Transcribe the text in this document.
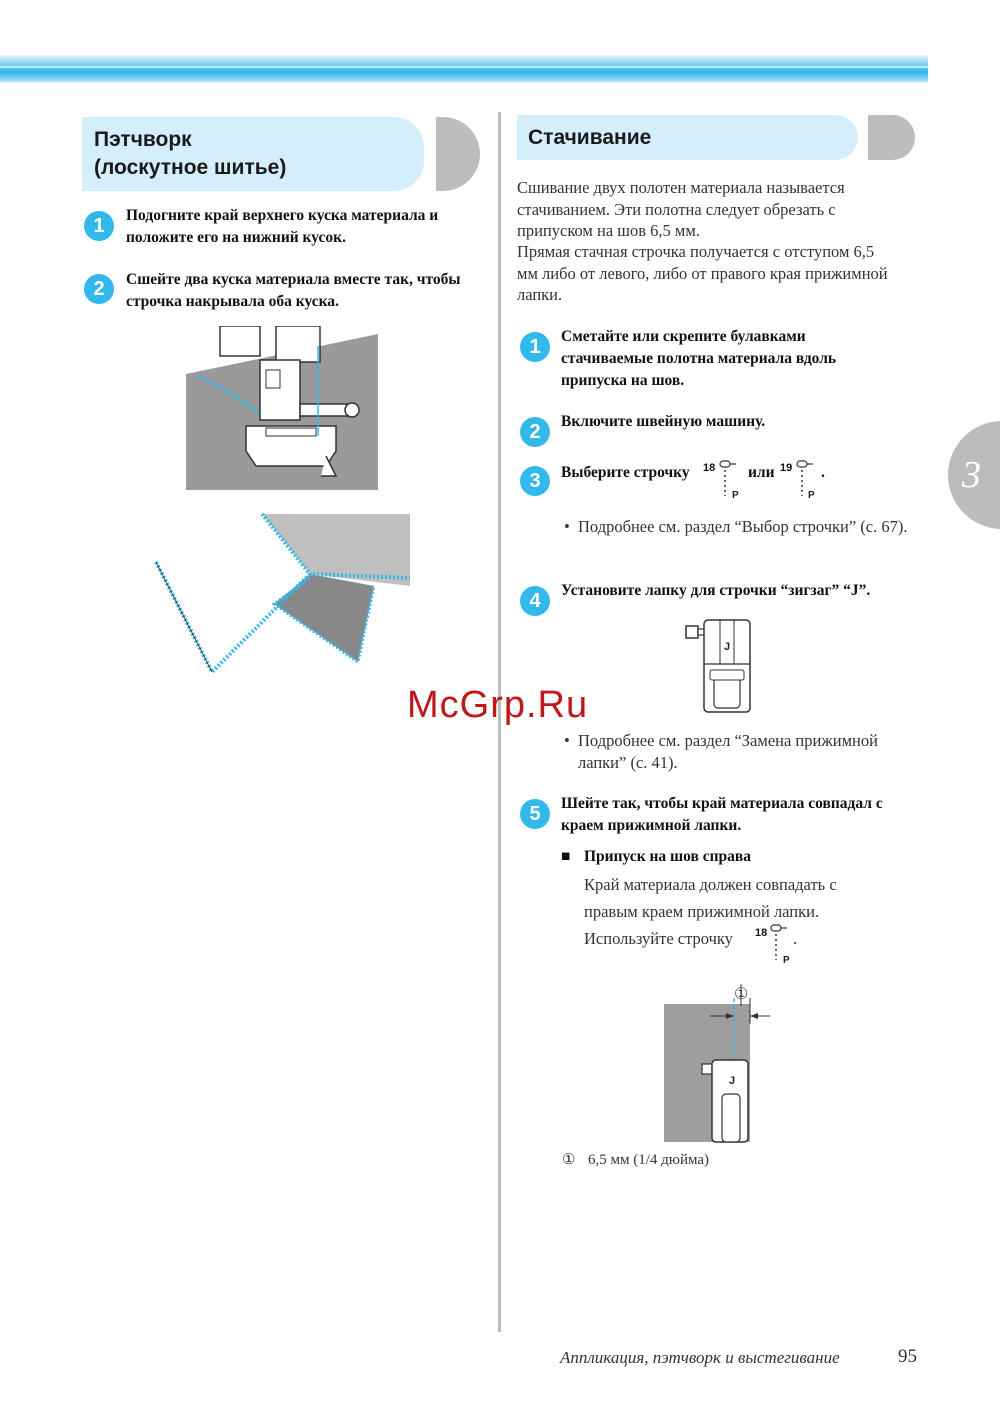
Пэтчворк
(лоскутное шитье)
1	Подогните край верхнего куска материала и положите его на нижний кусок.
2	Сшейте два куска материала вместе так, чтобы строчка накрывала оба куска.
Стачивание
Сшивание двух полотен материала называется стачиванием. Эти полотна следует обрезать с припуском на шов 6,5 мм.
Прямая стачная строчка получается с отступом 6,5 мм либо от левого, либо от правого края прижимной лапки.
1	Сметайте или скрепите булавками стачиваемые полотна материала вдоль припуска на шов.
2	Включите швейную машину.
3	Выберите строчку 18
P
или 19
P
.
• Подробнее см. раздел “Выбор строчки” (с. 67).
4	Установите лапку для строчки “зигзаг” “J”.
J
• Подробнее см. раздел “Замена прижимной лапки” (с. 41).
5	Шейте так, чтобы край материала совпадал с краем прижимной лапки.
■ Припуск на шов справа
Край материала должен совпадать с
правым краем прижимной лапки.
Используйте строчку 18
P
.
①
J
① 6,5 мм (1/4 дюйма)
3
McGrp.Ru
Аппликация, пэтчворк и выстегивание	95
